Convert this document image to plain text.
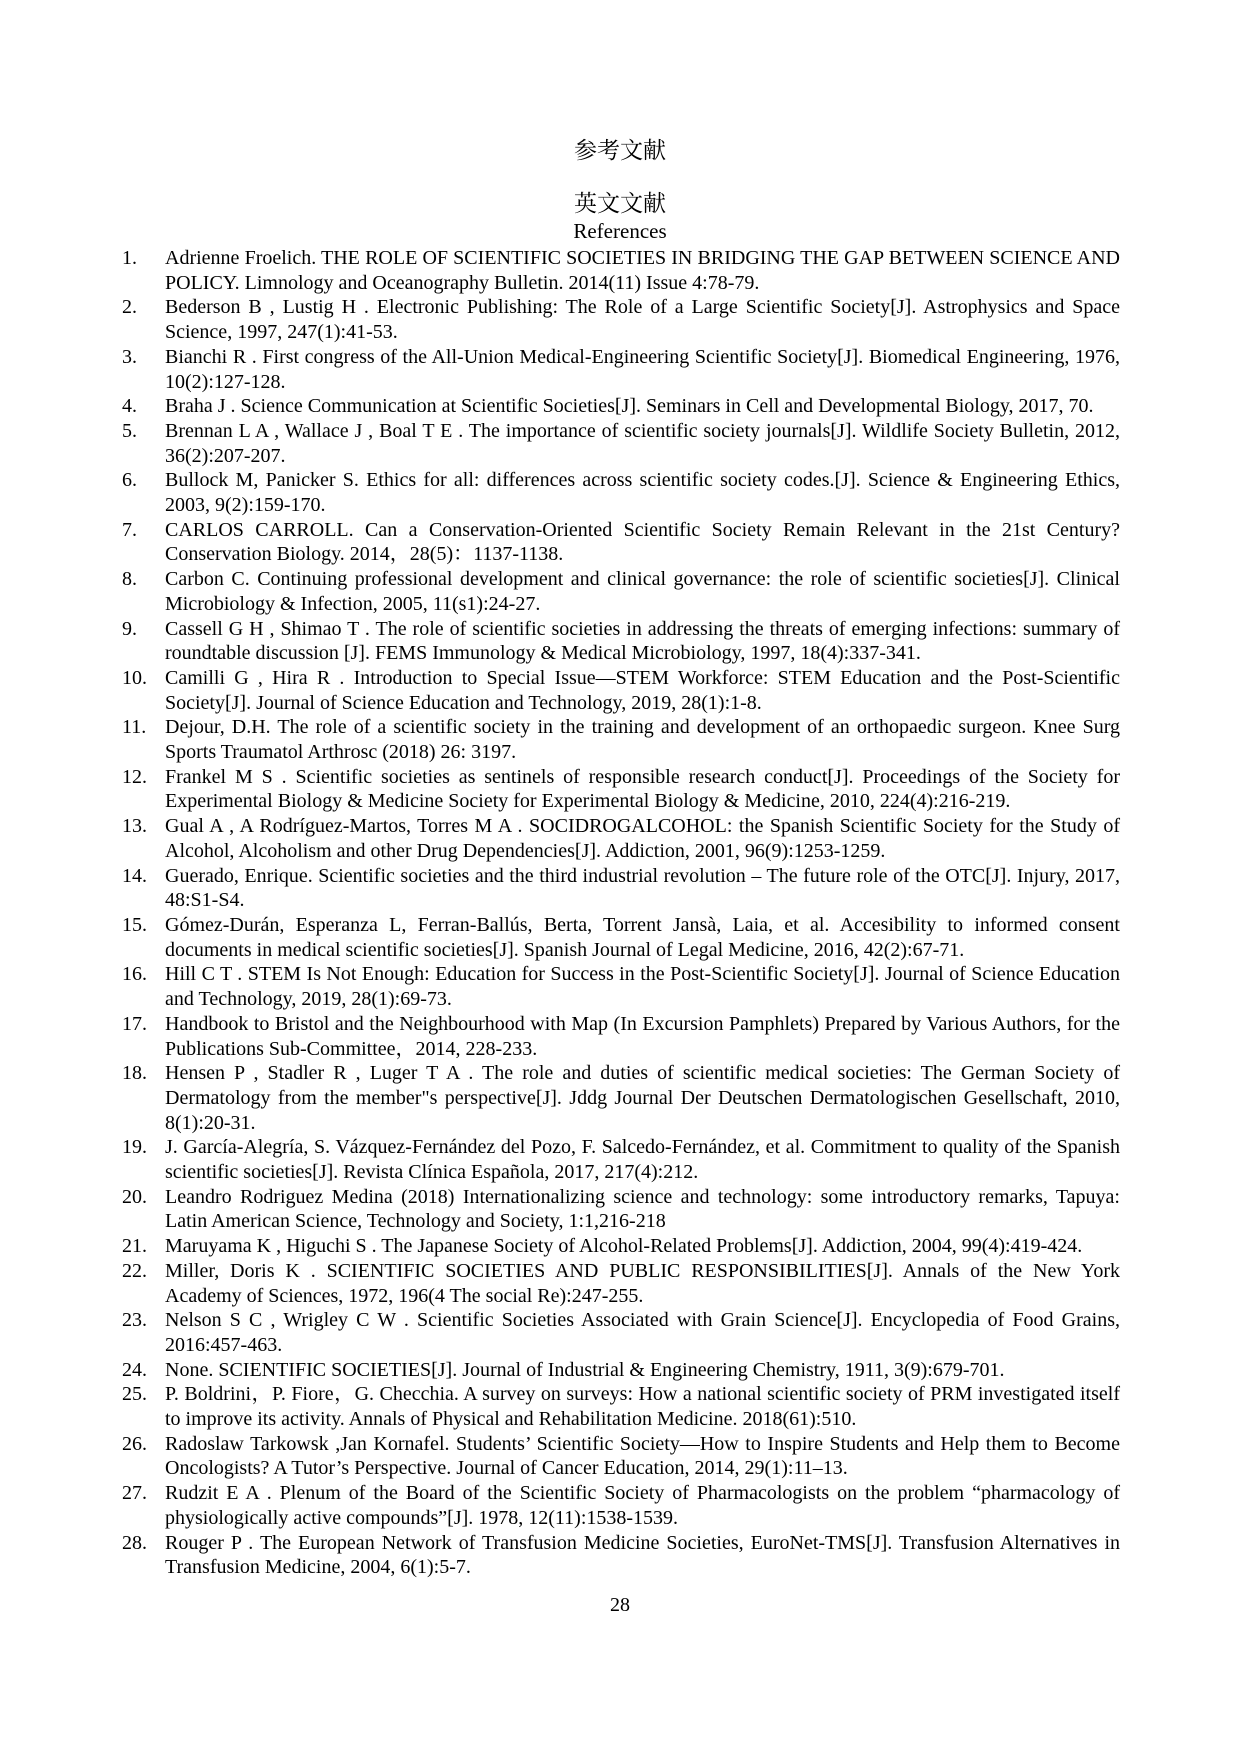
参考文献
英文文献
References
1.	Adrienne Froelich. THE ROLE OF SCIENTIFIC SOCIETIES IN BRIDGING THE GAP BETWEEN SCIENCE AND POLICY. Limnology and Oceanography Bulletin. 2014(11) Issue 4:78-79.
2.	Bederson B , Lustig H . Electronic Publishing: The Role of a Large Scientific Society[J]. Astrophysics and Space Science, 1997, 247(1):41-53.
3.	Bianchi R . First congress of the All-Union Medical-Engineering Scientific Society[J]. Biomedical Engineering, 1976, 10(2):127-128.
4.	Braha J . Science Communication at Scientific Societies[J]. Seminars in Cell and Developmental Biology, 2017, 70.
5.	Brennan L A , Wallace J , Boal T E . The importance of scientific society journals[J]. Wildlife Society Bulletin, 2012, 36(2):207-207.
6.	Bullock M, Panicker S. Ethics for all: differences across scientific society codes.[J]. Science & Engineering Ethics, 2003, 9(2):159-170.
7.	CARLOS CARROLL. Can a Conservation-Oriented Scientific Society Remain Relevant in the 21st Century? Conservation Biology. 2014，28(5)：1137-1138.
8.	Carbon C. Continuing professional development and clinical governance: the role of scientific societies[J]. Clinical Microbiology & Infection, 2005, 11(s1):24-27.
9.	Cassell G H , Shimao T . The role of scientific societies in addressing the threats of emerging infections: summary of roundtable discussion [J]. FEMS Immunology & Medical Microbiology, 1997, 18(4):337-341.
10. Camilli G , Hira R . Introduction to Special Issue—STEM Workforce: STEM Education and the Post-Scientific Society[J]. Journal of Science Education and Technology, 2019, 28(1):1-8.
11. Dejour, D.H. The role of a scientific society in the training and development of an orthopaedic surgeon. Knee Surg Sports Traumatol Arthrosc (2018) 26: 3197.
12. Frankel M S . Scientific societies as sentinels of responsible research conduct[J]. Proceedings of the Society for Experimental Biology & Medicine Society for Experimental Biology & Medicine, 2010, 224(4):216-219.
13. Gual A , A Rodríguez-Martos, Torres M A . SOCIDROGALCOHOL: the Spanish Scientific Society for the Study of Alcohol, Alcoholism and other Drug Dependencies[J]. Addiction, 2001, 96(9):1253-1259.
14. Guerado, Enrique. Scientific societies and the third industrial revolution – The future role of the OTC[J]. Injury, 2017, 48:S1-S4.
15. Gómez-Durán, Esperanza L, Ferran-Ballús, Berta, Torrent Jansà, Laia, et al. Accesibility to informed consent documents in medical scientific societies[J]. Spanish Journal of Legal Medicine, 2016, 42(2):67-71.
16. Hill C T . STEM Is Not Enough: Education for Success in the Post-Scientific Society[J]. Journal of Science Education and Technology, 2019, 28(1):69-73.
17. Handbook to Bristol and the Neighbourhood with Map (In Excursion Pamphlets) Prepared by Various Authors, for the Publications Sub-Committee，2014, 228-233.
18. Hensen P , Stadler R , Luger T A . The role and duties of scientific medical societies: The German Society of Dermatology from the member"s perspective[J]. Jddg Journal Der Deutschen Dermatologischen Gesellschaft, 2010, 8(1):20-31.
19. J. García-Alegría, S. Vázquez-Fernández del Pozo, F. Salcedo-Fernández, et al. Commitment to quality of the Spanish scientific societies[J]. Revista Clínica Española, 2017, 217(4):212.
20. Leandro Rodriguez Medina (2018) Internationalizing science and technology: some introductory remarks, Tapuya: Latin American Science, Technology and Society, 1:1,216-218
21. Maruyama K , Higuchi S . The Japanese Society of Alcohol-Related Problems[J]. Addiction, 2004, 99(4):419-424.
22. Miller, Doris K . SCIENTIFIC SOCIETIES AND PUBLIC RESPONSIBILITIES[J]. Annals of the New York Academy of Sciences, 1972, 196(4 The social Re):247-255.
23. Nelson S C , Wrigley C W . Scientific Societies Associated with Grain Science[J]. Encyclopedia of Food Grains, 2016:457-463.
24. None. SCIENTIFIC SOCIETIES[J]. Journal of Industrial & Engineering Chemistry, 1911, 3(9):679-701.
25. P. Boldrini，P. Fiore，G. Checchia. A survey on surveys: How a national scientific society of PRM investigated itself to improve its activity. Annals of Physical and Rehabilitation Medicine. 2018(61):510.
26. Radoslaw Tarkowsk ,Jan Kornafel. Students’ Scientific Society—How to Inspire Students and Help them to Become Oncologists? A Tutor’s Perspective. Journal of Cancer Education, 2014, 29(1):11–13.
27. Rudzit E A . Plenum of the Board of the Scientific Society of Pharmacologists on the problem “pharmacology of physiologically active compounds”[J]. 1978, 12(11):1538-1539.
28. Rouger P . The European Network of Transfusion Medicine Societies, EuroNet-TMS[J]. Transfusion Alternatives in Transfusion Medicine, 2004, 6(1):5-7.
28
